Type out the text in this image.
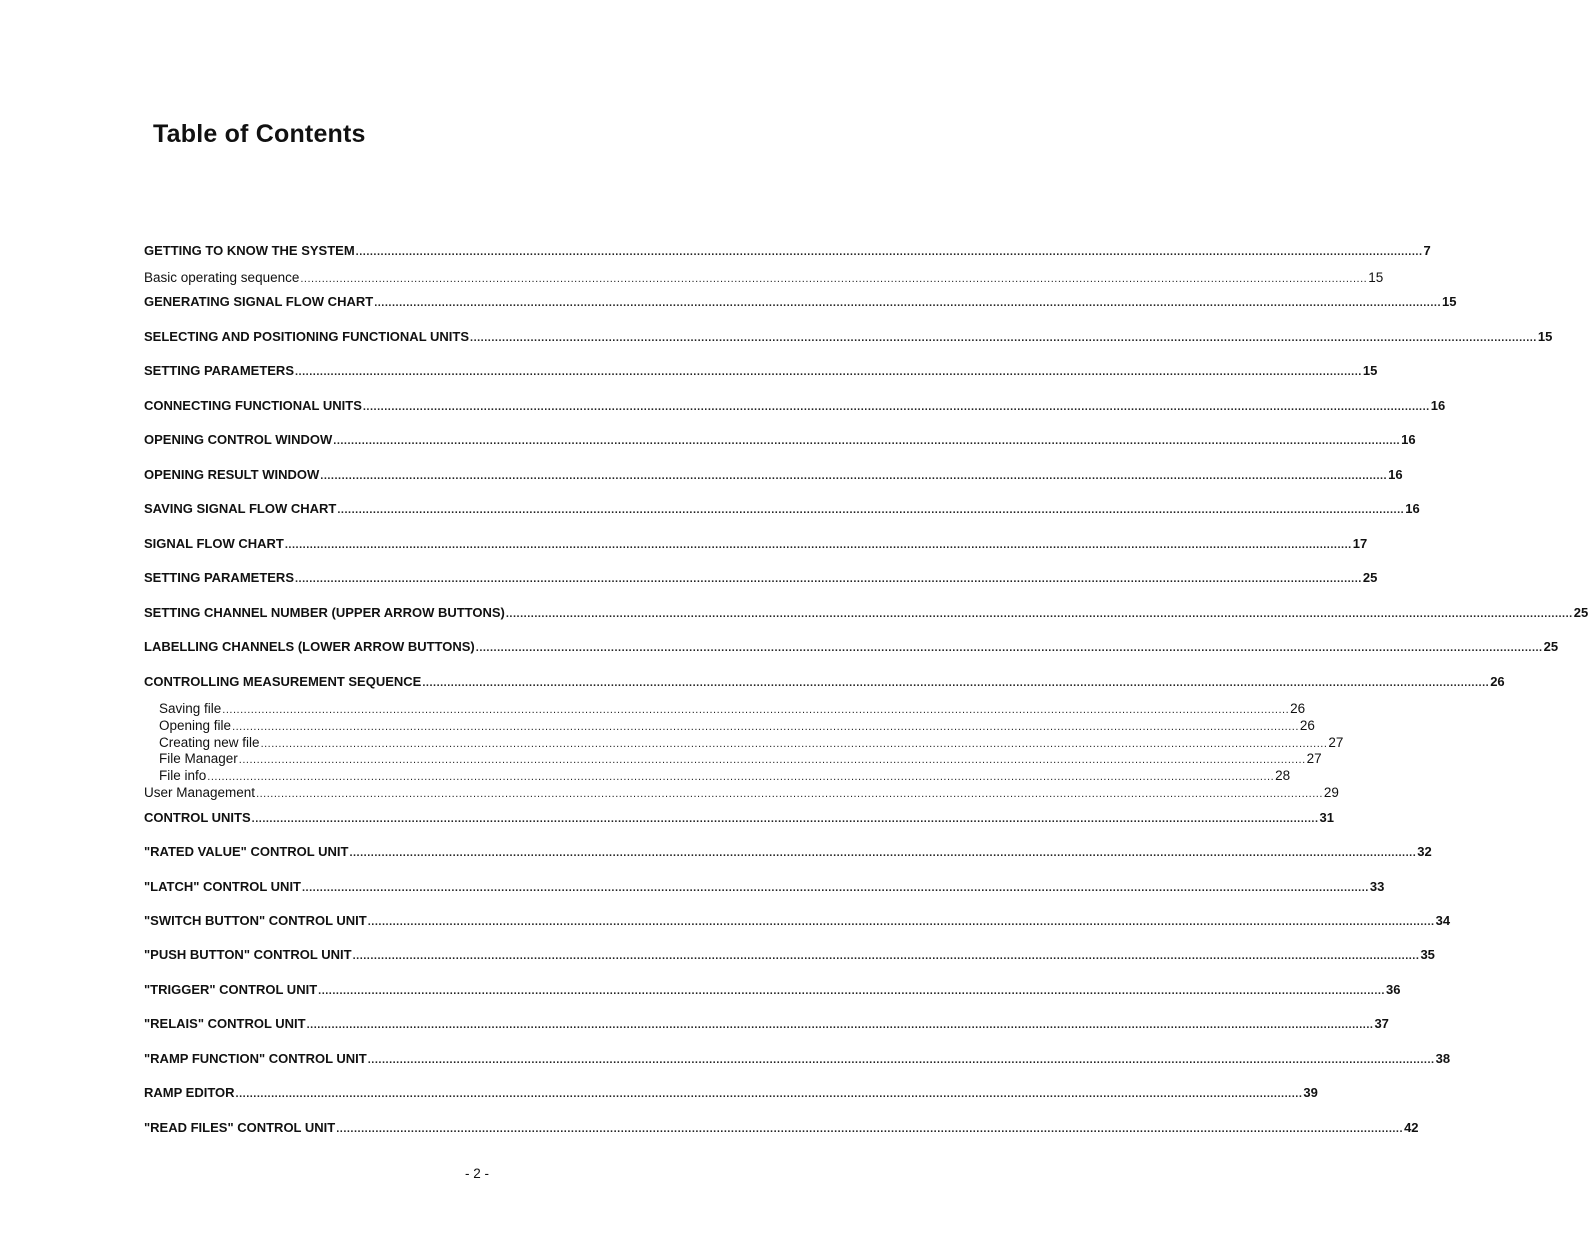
Table of Contents
GETTING TO KNOW THE SYSTEM ............................................................................................................................................................................................................................................................................................................ 7
Basic operating sequence ............................................................................................................................................................................................................................................................................................................ 15
GENERATING SIGNAL FLOW CHART ............................................................................................................................................................................................................................................................................................................ 15
SELECTING AND POSITIONING FUNCTIONAL UNITS ............................................................................................................................................................................................................................................................................................................ 15
SETTING PARAMETERS ............................................................................................................................................................................................................................................................................................................ 15
CONNECTING FUNCTIONAL UNITS ............................................................................................................................................................................................................................................................................................................ 16
OPENING CONTROL WINDOW ............................................................................................................................................................................................................................................................................................................ 16
OPENING RESULT WINDOW ............................................................................................................................................................................................................................................................................................................ 16
SAVING SIGNAL FLOW CHART ............................................................................................................................................................................................................................................................................................................ 16
SIGNAL FLOW CHART ............................................................................................................................................................................................................................................................................................................ 17
SETTING PARAMETERS ............................................................................................................................................................................................................................................................................................................ 25
SETTING CHANNEL NUMBER (UPPER ARROW BUTTONS) ............................................................................................................................................................................................................................................................................................................ 25
LABELLING CHANNELS (LOWER ARROW BUTTONS) ............................................................................................................................................................................................................................................................................................................ 25
CONTROLLING MEASUREMENT SEQUENCE ............................................................................................................................................................................................................................................................................................................ 26
Saving file ............................................................................................................................................................................................................................................................................................................ 26
Opening file ............................................................................................................................................................................................................................................................................................................ 26
Creating new file ............................................................................................................................................................................................................................................................................................................ 27
File Manager ............................................................................................................................................................................................................................................................................................................ 27
File info ............................................................................................................................................................................................................................................................................................................ 28
User Management ............................................................................................................................................................................................................................................................................................................ 29
CONTROL UNITS ............................................................................................................................................................................................................................................................................................................ 31
"RATED VALUE" CONTROL UNIT ............................................................................................................................................................................................................................................................................................................ 32
"LATCH" CONTROL UNIT ............................................................................................................................................................................................................................................................................................................ 33
"SWITCH BUTTON" CONTROL UNIT ............................................................................................................................................................................................................................................................................................................ 34
"PUSH BUTTON" CONTROL UNIT ............................................................................................................................................................................................................................................................................................................ 35
"TRIGGER" CONTROL UNIT ............................................................................................................................................................................................................................................................................................................ 36
"RELAIS" CONTROL UNIT ............................................................................................................................................................................................................................................................................................................ 37
"RAMP FUNCTION" CONTROL UNIT ............................................................................................................................................................................................................................................................................................................ 38
RAMP EDITOR ............................................................................................................................................................................................................................................................................................................ 39
"READ FILES" CONTROL UNIT ............................................................................................................................................................................................................................................................................................................ 42
- 2 -
